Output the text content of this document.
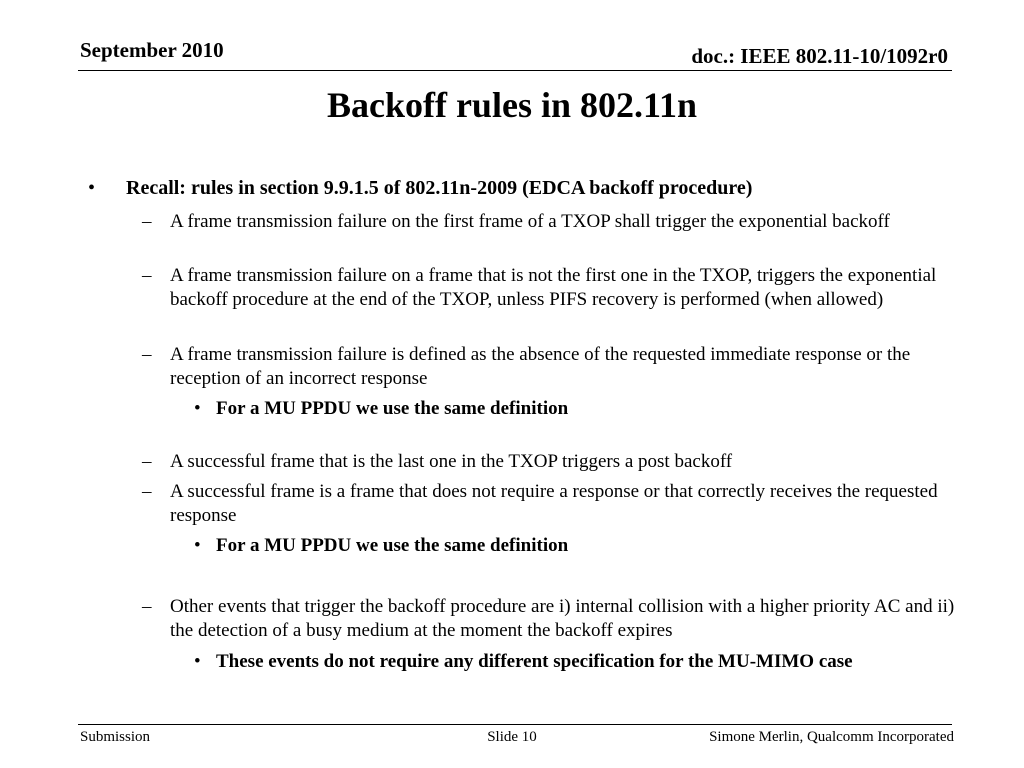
September 2010	doc.: IEEE 802.11-10/1092r0
Backoff rules in 802.11n
• Recall: rules in section 9.9.1.5 of 802.11n-2009 (EDCA backoff procedure)
– A frame transmission failure on the first frame of a TXOP shall trigger the exponential backoff
– A frame transmission failure on a frame that is not the first one in the TXOP, triggers the exponential backoff procedure at the end of the TXOP, unless PIFS recovery is performed (when allowed)
– A frame transmission failure is defined as the absence of the requested immediate response or the reception of an incorrect response
• For a MU PPDU we use the same definition
– A successful frame that is the last one in the TXOP triggers a post backoff
– A successful frame is a frame that does not require a response or that correctly receives the requested response
• For a MU PPDU we use the same definition
– Other events that trigger the backoff procedure are i) internal collision with a higher priority AC and ii) the detection of a busy medium at the moment the backoff expires
• These events do not require any different specification for the MU-MIMO case
Submission	Slide 10	Simone Merlin, Qualcomm Incorporated
